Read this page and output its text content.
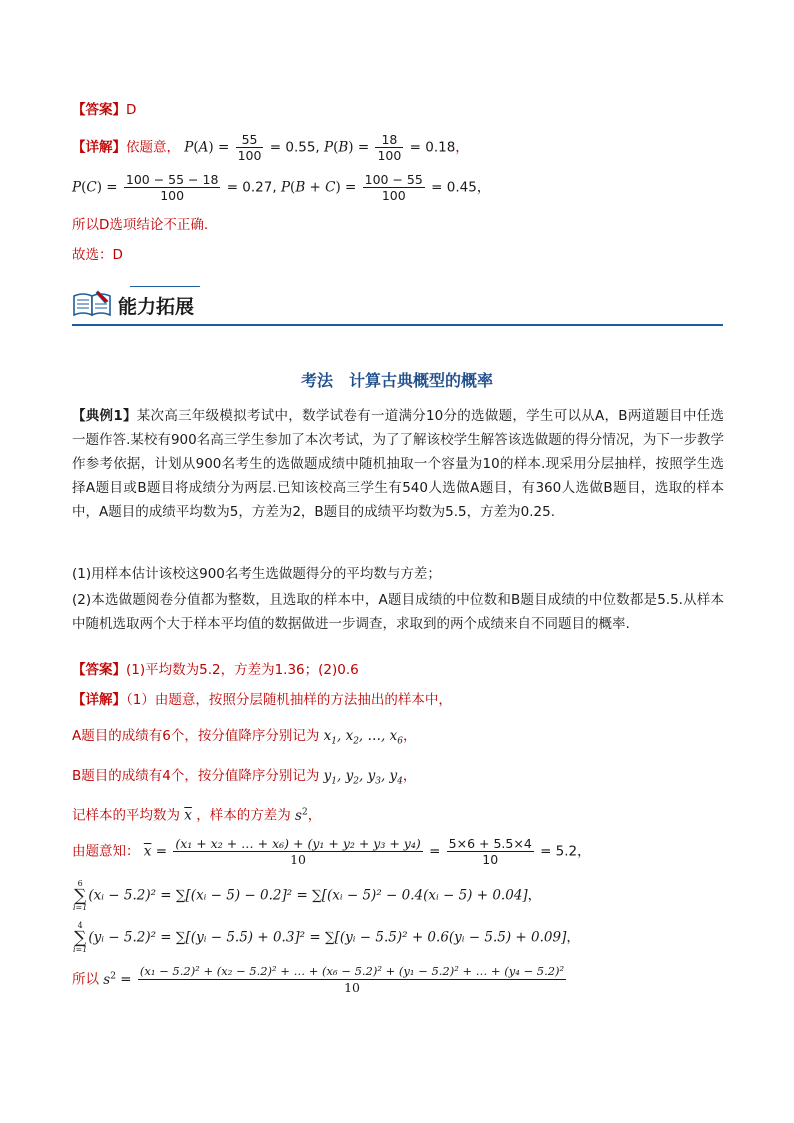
【答案】D
【详解】依题意， $P(A) = \frac{55}{100} = 0.55$, $P(B) = \frac{18}{100} = 0.18$，
$P(C) = \frac{100 - 55 - 18}{100} = 0.27$, $P(B + C) = \frac{100 - 55}{100} = 0.45$，
所以D选项结论不正确.
故选：D
能力拓展
考法　计算古典概型的概率
【典例1】某次高三年级模拟考试中，数学试卷有一道满分10分的选做题，学生可以从A，B两道题目中任选一题作答.某校有900名高三学生参加了本次考试，为了了解该校学生解答该选做题的得分情况，为下一步教学作参考依据，计划从900名考生的选做题成绩中随机抽取一个容量为10的样本.现采用分层抽样，按照学生选择A题目或B题目将成绩分为两层.已知该校高三学生有540人选做A题目，有360人选做B题目，选取的样本中，A题目的成绩平均数为5，方差为2，B题目的成绩平均数为5.5，方差为0.25.
(1)用样本估计该校这900名考生选做题得分的平均数与方差；
(2)本选做题阅卷分值都为整数，且选取的样本中，A题目成绩的中位数和B题目成绩的中位数都是5.5.从样本中随机选取两个大于样本平均值的数据做进一步调查，求取到的两个成绩来自不同题目的概率.
【答案】(1)平均数为5.2，方差为1.36；(2)0.6
【详解】（1）由题意，按照分层随机抽样的方法抽出的样本中，
A题目的成绩有6个，按分值降序分别记为 $x_1$, $x_2$, …, $x_6$，
B题目的成绩有4个，按分值降序分别记为 $y_1$, $y_2$, $y_3$, $y_4$，
记样本的平均数为 $\overline{x}$ ，样本的方差为 $s^2$，
由题意知： $\overline{x} = \frac{\text{(x₁ + x₂ + … + x₆) + (y₁ + y₂ + y₃ + y₄)}}{10} = \frac{5\times 6 + 5.5\times 4}{10} = 5.2$，
6
∑
i=1
(xᵢ − 5.2)² = ∑[(xᵢ − 5) − 0.2]² = ∑[(xᵢ − 5)² − 0.4(xᵢ − 5) + 0.04]，
4
∑
i=1
(yᵢ − 5.2)² = ∑[(yᵢ − 5.5) + 0.3]² = ∑[(yᵢ − 5.5)² + 0.6(yᵢ − 5.5) + 0.09]，
所以 $s^2$ =
(x₁ − 5.2)² + (x₂ − 5.2)² + … + (x₆ − 5.2)² + (y₁ − 5.2)² + … + (y₄ − 5.2)²
10
